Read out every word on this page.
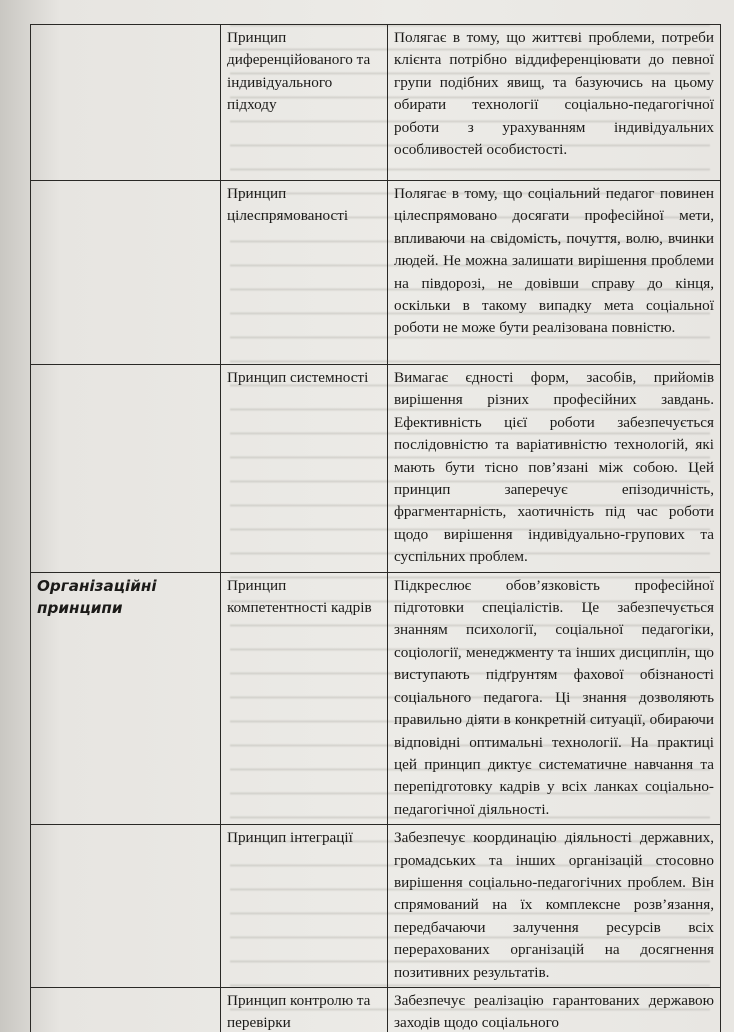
	Принцип диференційованого та індивідуального підходу	Полягає в тому, що життєві проблеми, потреби клієнта потрібно віддиференціювати до певної групи подібних явищ, та базуючись на цьому обирати технології соціально-педагогічної роботи з урахуванням індивідуальних особливостей особистості.
	Принцип цілеспрямованості	Полягає в тому, що соціальний педагог повинен цілеспрямовано досягати професійної мети, впливаючи на свідомість, почуття, волю, вчинки людей. Не можна залишати вирішення проблеми на півдорозі, не довівши справу до кінця, оскільки в такому випадку мета соціальної роботи не може бути реалізована повністю.
	Принцип системності	Вимагає єдності форм, засобів, прийомів вирішення різних професійних завдань. Ефективність цієї роботи забезпечується послідовністю та варіативністю технологій, які мають бути тісно пов’язані між собою. Цей принцип заперечує епізодичність, фрагментарність, хаотичність під час роботи щодо вирішення індивідуально-групових та суспільних проблем.
Організаційні принципи	Принцип компетентності кадрів	Підкреслює обов’язковість професійної підготовки спеціалістів. Це забезпечується знанням психології, соціальної педагогіки, соціології, менеджменту та інших дисциплін, що виступають підґрунтям фахової обізнаності соціального педагога. Ці знання дозволяють правильно діяти в конкретній ситуації, обираючи відповідні оптимальні технології. На практиці цей принцип диктує систематичне навчання та перепідготовку кадрів у всіх ланках соціально-педагогічної діяльності.
	Принцип інтеграції	Забезпечує координацію діяльності державних, громадських та інших організацій стосовно вирішення соціально-педагогічних проблем. Він спрямований на їх комплексне розв’язання, передбачаючи залучення ресурсів всіх перерахованих організацій на досягнення позитивних результатів.
	Принцип контролю та перевірки	Забезпечує реалізацію гарантованих державою заходів щодо соціального
